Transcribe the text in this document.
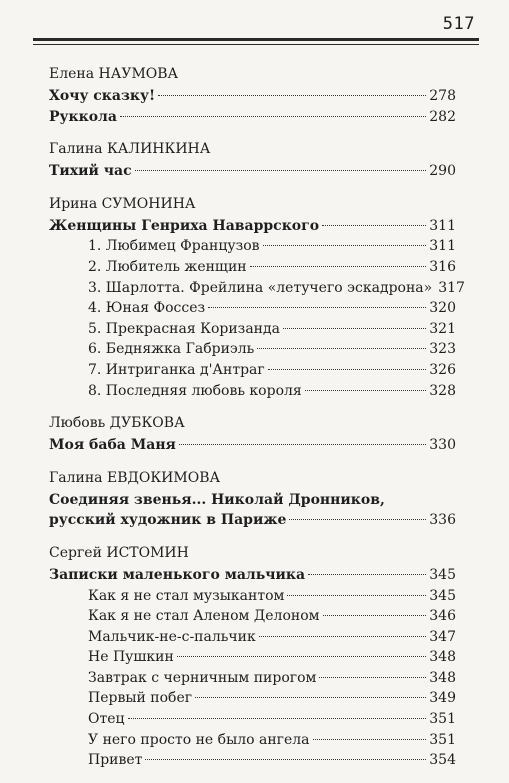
517
Елена НАУМОВА
Хочу сказку!	278
Руккола	282
Галина КАЛИНКИНА
Тихий час	290
Ирина СУМОНИНА
Женщины Генриха Наваррского	311
1. Любимец Французов	311
2. Любитель женщин	316
3. Шарлотта. Фрейлина «летучего эскадрона» 317
4. Юная Фоссез	320
5. Прекрасная Коризанда	321
6. Бедняжка Габриэль	323
7. Интриганка д'Антраг	326
8. Последняя любовь короля	328
Любовь ДУБКОВА
Моя баба Маня	330
Галина ЕВДОКИМОВА
Соединяя звенья... Николай Дронников,
русский художник в Париже	336
Сергей ИСТОМИН
Записки маленького мальчика	345
Как я не стал музыкантом	345
Как я не стал Аленом Делоном	346
Мальчик-не-с-пальчик	347
Не Пушкин	348
Завтрак с черничным пирогом	348
Первый побег	349
Отец	351
У него просто не было ангела	351
Привет	354
